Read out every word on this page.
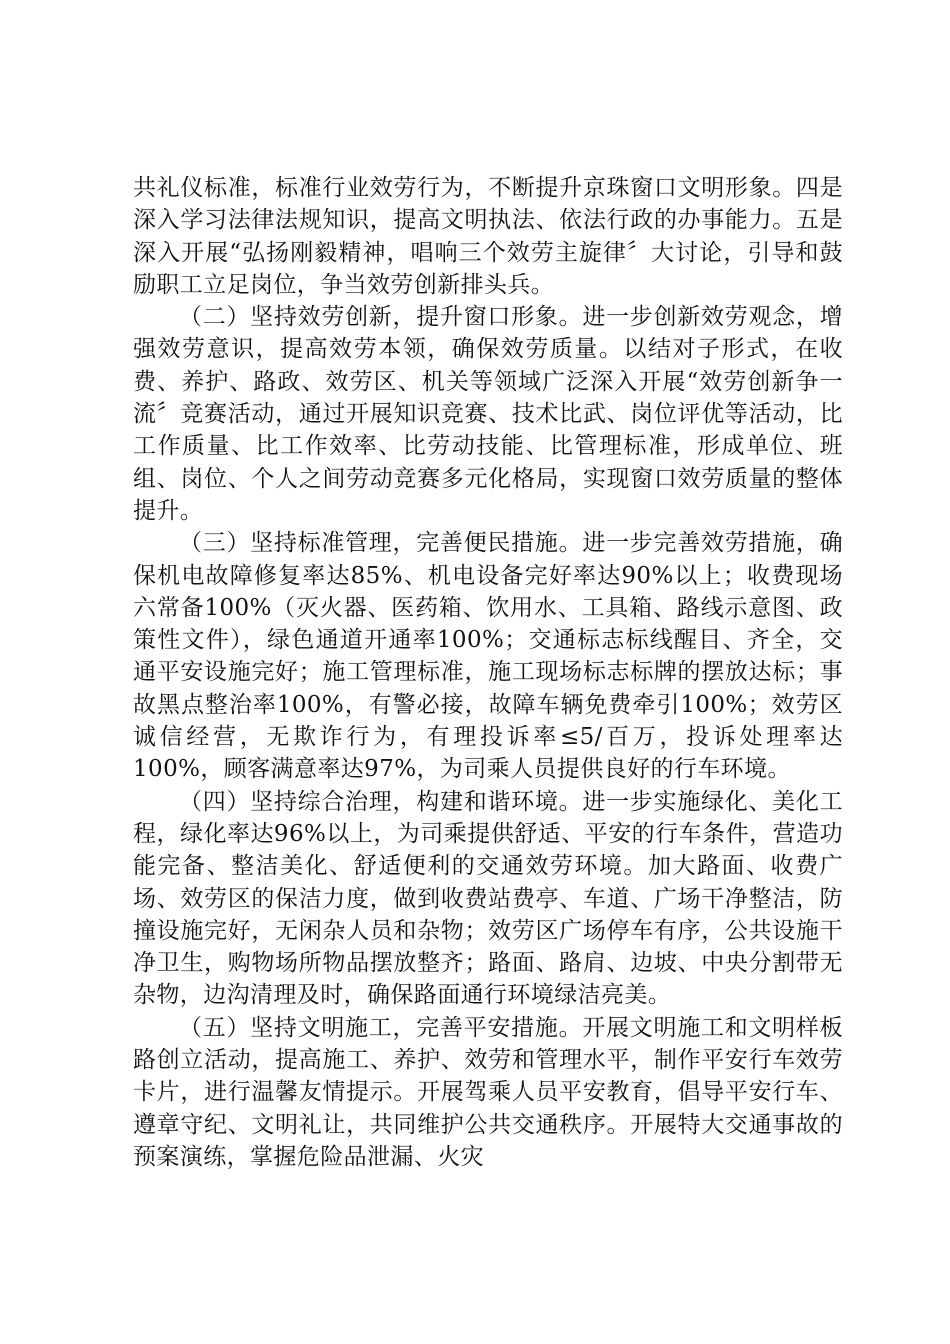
共礼仪标准，标准行业效劳行为，不断提升京珠窗口文明形象。四是深入学习法律法规知识，提高文明执法、依法行政的办事能力。五是深入开展“弘扬刚毅精神，唱响三个效劳主旋律〞大讨论，引导和鼓励职工立足岗位，争当效劳创新排头兵。

（二）坚持效劳创新，提升窗口形象。进一步创新效劳观念，增强效劳意识，提高效劳本领，确保效劳质量。以结对子形式，在收费、养护、路政、效劳区、机关等领域广泛深入开展“效劳创新争一流〞竞赛活动，通过开展知识竞赛、技术比武、岗位评优等活动，比工作质量、比工作效率、比劳动技能、比管理标准，形成单位、班组、岗位、个人之间劳动竞赛多元化格局，实现窗口效劳质量的整体提升。

（三）坚持标准管理，完善便民措施。进一步完善效劳措施，确保机电故障修复率达85%、机电设备完好率达90%以上；收费现场六常备100%（灭火器、医药箱、饮用水、工具箱、路线示意图、政策性文件），绿色通道开通率100%；交通标志标线醒目、齐全，交通平安设施完好；施工管理标准，施工现场标志标牌的摆放达标；事故黑点整治率100%，有警必接，故障车辆免费牵引100%；效劳区诚信经营，无欺诈行为，有理投诉率≤5/百万，投诉处理率达100%，顾客满意率达97%，为司乘人员提供良好的行车环境。

（四）坚持综合治理，构建和谐环境。进一步实施绿化、美化工程，绿化率达96%以上，为司乘提供舒适、平安的行车条件，营造功能完备、整洁美化、舒适便利的交通效劳环境。加大路面、收费广场、效劳区的保洁力度，做到收费站费亭、车道、广场干净整洁，防撞设施完好，无闲杂人员和杂物；效劳区广场停车有序，公共设施干净卫生，购物场所物品摆放整齐；路面、路肩、边坡、中央分割带无杂物，边沟清理及时，确保路面通行环境绿洁亮美。

（五）坚持文明施工，完善平安措施。开展文明施工和文明样板路创立活动，提高施工、养护、效劳和管理水平，制作平安行车效劳卡片，进行温馨友情提示。开展驾乘人员平安教育，倡导平安行车、遵章守纪、文明礼让，共同维护公共交通秩序。开展特大交通事故的预案演练，掌握危险品泄漏、火灾
